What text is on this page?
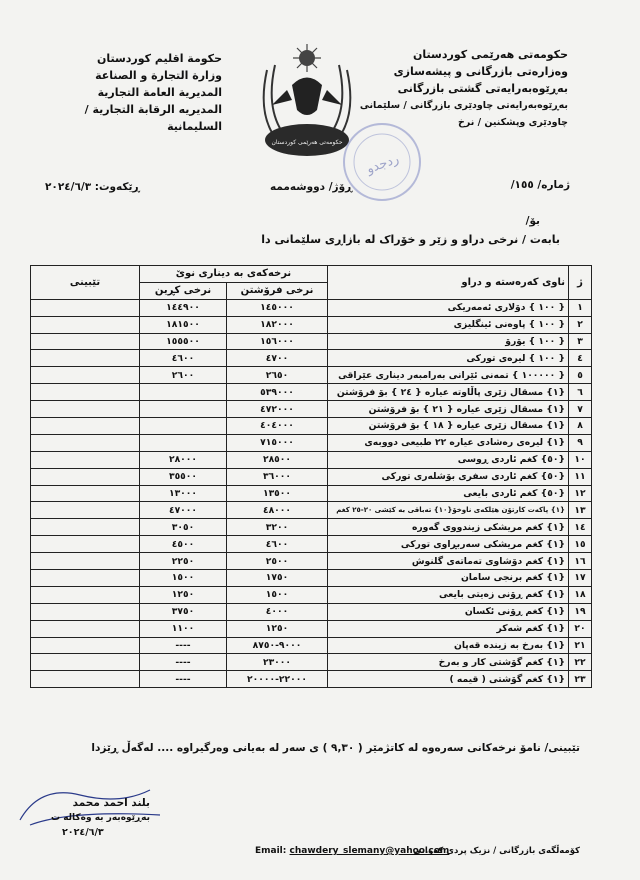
حكومەتی هەرێمی کوردستان
وەزارەتی بازرگانی و پیشەسازی
بەڕێوەبەرایەتی گشتی بازرگانی
بەڕێوەبەرایەتی چاودێری بازرگانی / سلێمانی
چاودێری وپشکنین / نرخ
حكومة اقليم كوردستان
وزارة التجارة و الصناعة
المديرية العامة التجارية
المديريه الرقابة التجارية / السليمانية
حكومەتی هەرێمی كوردستان
ردجدو
ژمارە/ ١٥٥/
ڕۆژ/ دووشەممە
ڕێکەوت: ٢٠٢٤/٦/٣
بۆ/
بابەت / نرخی دراو و زێر و خۆراک لە بازاڕی سلێمانی دا
ژ	ناوی کەرەستە و دراو	نرخەکەی بە دیناری نوێ		تێبینی
		نرخی فرۆشتن	نرخی کڕین	
١	{ ١٠٠ } دۆلاری ئەمەریکی	١٤٥٠٠٠	١٤٤٩٠٠	
٢	{ ١٠٠ } پاوەنی ئینگلیزی	١٨٢٠٠٠	١٨١٥٠٠	
٣	{ ١٠٠ } یۆرۆ	١٥٦٠٠٠	١٥٥٥٠٠	
٤	{ ١٠٠ } لیرەی تورکی	٤٧٠٠	٤٦٠٠	
٥	{ ١٠٠٠٠٠ } تمەنی ئێرانی بەرامبەر دیناری عێراقی	٢٦٥٠	٢٦٠٠	
٦	{١} مسقال زێری پاڵاوتە عیارە { ٢٤ } بۆ فرۆشتن	٥٣٩٠٠٠		
٧	{١} مسقال زێری عیارە { ٢١ } بۆ فرۆشتن	٤٧٢٠٠٠		
٨	{١} مسقال زێری عیارە { ١٨ } بۆ فرۆشتن	٤٠٤٠٠٠		
٩	{١} لیرەی رەشادی عیارە ٢٢ طبیعی دووبەی	٧١٥٠٠٠		
١٠	{٥٠} کغم ئاردی ڕوسی	٢٨٥٠٠	٢٨٠٠٠	
١١	{٥٠} کغم ئاردی سفری بۆشلەری تورکی	٣٦٠٠٠	٣٥٥٠٠	
١٢	{٥٠} کغم ئاردی بایعی	١٣٥٠٠	١٣٠٠٠	
١٣	{١} پاکەت کارتۆن هێلکەی ناوخۆ{١٠} تەباقی بە کێشی ٢٠-٢٥ کغم	٤٨٠٠٠	٤٧٠٠٠	
١٤	{١} کغم مریشکی زیندووی گەورە	٣٢٠٠	٣٠٥٠	
١٥	{١} کغم مریشکی سەربڕاوی تورکی	٤٦٠٠	٤٥٠٠	
١٦	{١} کغم دۆشاوی تەماتەی گلنوش	٢٥٠٠	٢٢٥٠	
١٧	{١} کغم برنجی سامان	١٧٥٠	١٥٠٠	
١٨	{١} کغم ڕۆنی زەیتی بایعی	١٥٠٠	١٢٥٠	
١٩	{١} کغم ڕۆنی ئکسان	٤٠٠٠	٣٧٥٠	
٢٠	{١} کغم شەکر	١٢٥٠	١١٠٠	
٢١	{١} بەرخ بە زیندە قەپان	٩٠٠٠-٨٧٥٠	----	
٢٢	{١} کغم گۆشتی کار و بەرخ	٢٣٠٠٠	----	
٢٣	{١} کغم گۆشتی ( قیمە )	٢٢٠٠٠-٢٠٠٠٠	----	
تێبینی/ نامۆ نرخەکانی سەرەوە لە کاتژمێر ( ٩,٣٠ ) ی سەر لە بەیانی وەرگیراوە .... لەگەڵ ڕێزدا
بلند احمد محمد
بەڕێوەبەر بە وەکالە ت
٢٠٢٤/٦/٣
Email: chawdery_slemany@yahoo.com
کۆمەڵگەی بازرگانی / نزیک پردی کەوانی
